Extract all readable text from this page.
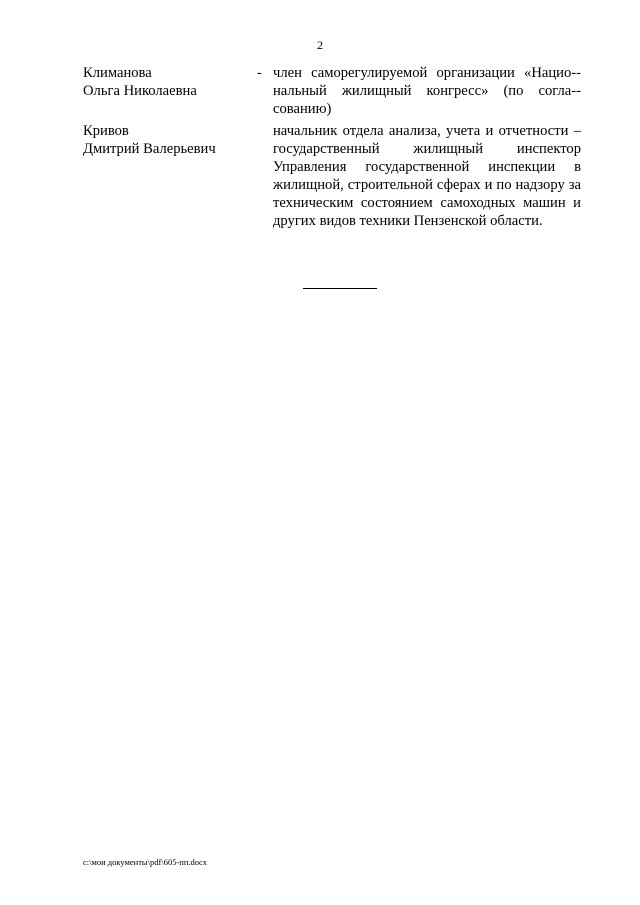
2
Климанова
Ольга Николаевна
- член саморегулируемой организации «Нацио-нальный жилищный конгресс» (по согла-сованию)
Кривов
Дмитрий Валерьевич
начальник отдела анализа, учета и отчетности – государственный жилищный инспектор Управления государственной инспекции в жилищной, строительной сферах и по надзору за техническим состоянием самоходных машин и других видов техники Пензенской области.
c:\мои документы\pdf\605-пп.docx
